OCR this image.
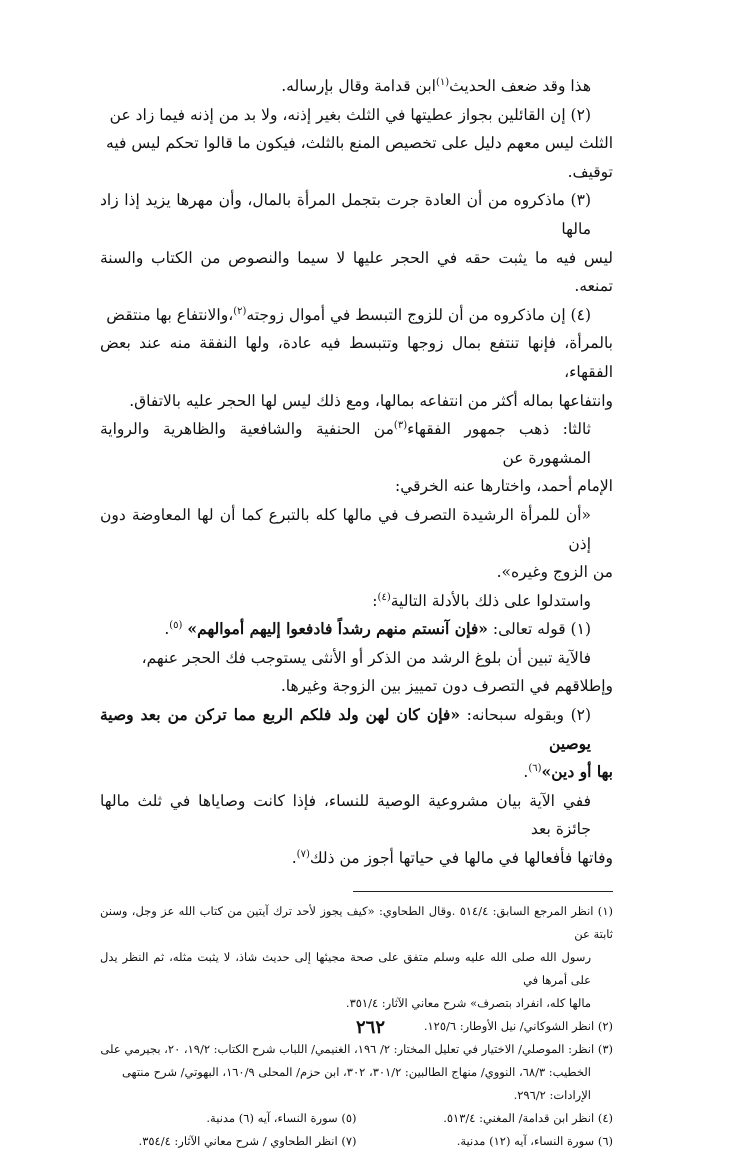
هذا وقد ضعف الحديث$^{(١)}$ابن قدامة وقال بإرساله.

(٢) إن القائلين بجواز عطيتها في الثلث بغير إذنه، ولا بد من إذنه فيما زاد عن

الثلث ليس معهم دليل على تخصيص المنع بالثلث، فيكون ما قالوا تحكم ليس فيه

توقيف.

(٣) ماذكروه من أن العادة جرت بتجمل المرأة بالمال، وأن مهرها يزيد إذا زاد مالها

ليس فيه ما يثبت حقه في الحجر عليها لا سيما والنصوص من الكتاب والسنة تمنعه.

(٤) إن ماذكروه من أن للزوج التبسط في أموال زوجته$^{(٢)}$،والانتفاع بها منتقض

بالمرأة، فإنها تنتفع بمال زوجها وتتبسط فيه عادة، ولها النفقة منه عند بعض الفقهاء،

وانتفاعها بماله أكثر من انتفاعه بمالها، ومع ذلك ليس لها الحجر عليه بالاتفاق.

ثالثا: ذهب جمهور الفقهاء$^{(٣)}$من الحنفية والشافعية والظاهرية والرواية المشهورة عن

الإمام أحمد، واختارها عنه الخرقي:

«أن للمرأة الرشيدة التصرف في مالها كله بالتبرع كما أن لها المعاوضة دون إذن

من الزوج وغيره».

واستدلوا على ذلك بالأدلة التالية$^{(٤)}$:

(١) قوله تعالى: «فإن آنستم منهم رشداً فادفعوا إليهم أموالهم» $^{(٥)}$.

فالآية تبين أن بلوغ الرشد من الذكر أو الأنثى يستوجب فك الحجر عنهم،

وإطلاقهم في التصرف دون تمييز بين الزوجة وغيرها.

(٢) وبقوله سبحانه: «فإن كان لهن ولد فلكم الربع مما تركن من بعد وصية يوصين

بها أو دين»$^{(٦)}$.

ففي الآية بيان مشروعية الوصية للنساء، فإذا كانت وصاياها في ثلث مالها جائزة بعد

وفاتها فأفعالها في مالها في حياتها أجوز من ذلك$^{(٧)}$.

(١) انظر المرجع السابق: ٥١٤/٤ .وقال الطحاوي: «كيف يجوز لأحد ترك آيتين من كتاب الله عز وجل، وسنن ثابتة عن

رسول الله صلى الله عليه وسلم متفق على صحة مجيئها إلى حديث شاذ، لا يثبت مثله، ثم النظر يدل على أمرها في

مالها كله، انفراد بتصرف» شرح معاني الآثار: ٣٥١/٤.

(٢) انظر الشوكاني/ نيل الأوطار: ١٢٥/٦.

(٣) انظر: الموصلي/ الاختيار في تعليل المختار: ٢/ ١٩٦، الغنيمي/ اللباب شرح الكتاب: ١٩/٢، ٢٠، بجيرمي على

الخطيب: ٦٨/٣، النووي/ منهاج الطالبين: ٣٠١/٢، ٣٠٢، ابن حزم/ المحلى ١٦٠/٩، البهوتي/ شرح منتهى

الإرادات: ٢٩٦/٢.

(٤) انظر ابن قدامة/ المغني: ٥١٣/٤.
(٥) سورة النساء، آيه (٦) مدنية.
(٦) سورة النساء، آيه (١٢) مدنية.
(٧) انظر الطحاوي / شرح معاني الآثار: ٣٥٤/٤.
٢٦٢
